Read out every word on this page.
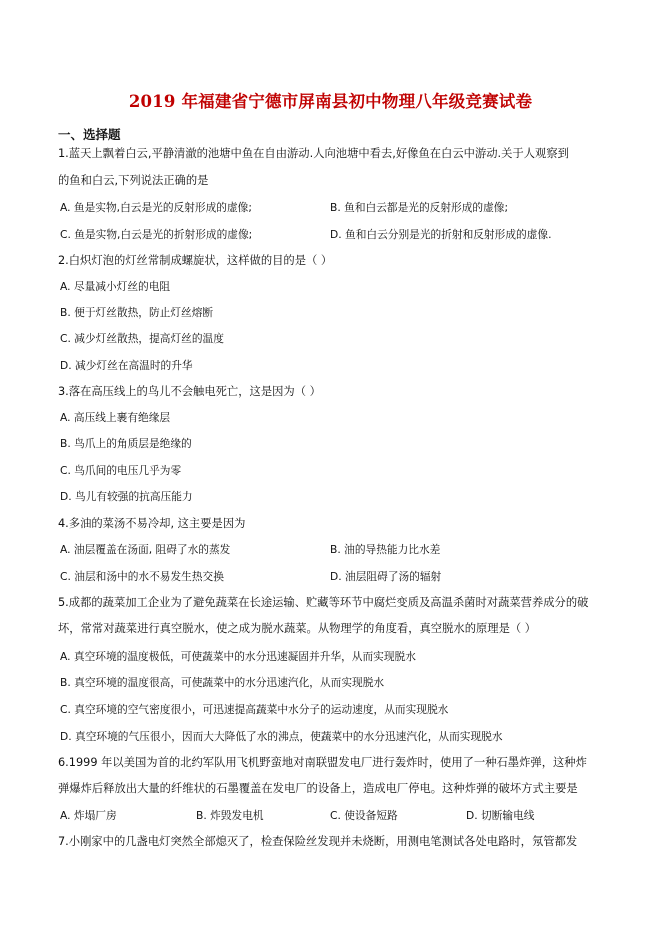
2019 年福建省宁德市屏南县初中物理八年级竞赛试卷
一、选择题
1.蓝天上飘着白云,平静清澈的池塘中鱼在自由游动.人向池塘中看去,好像鱼在白云中游动.关于人观察到
的鱼和白云,下列说法正确的是
A. 鱼是实物,白云是光的反射形成的虚像;	B. 鱼和白云都是光的反射形成的虚像;
C. 鱼是实物,白云是光的折射形成的虚像;	D. 鱼和白云分别是光的折射和反射形成的虚像.
2.白炽灯泡的灯丝常制成螺旋状，这样做的目的是（ ）
A. 尽量减小灯丝的电阻
B. 便于灯丝散热，防止灯丝熔断
C. 减少灯丝散热，提高灯丝的温度
D. 减少灯丝在高温时的升华
3.落在高压线上的鸟儿不会触电死亡，这是因为（ ）
A. 高压线上裹有绝缘层
B. 鸟爪上的角质层是绝缘的
C. 鸟爪间的电压几乎为零
D. 鸟儿有较强的抗高压能力
4.多油的菜汤不易冷却, 这主要是因为
A. 油层覆盖在汤面, 阻碍了水的蒸发	B. 油的导热能力比水差
C. 油层和汤中的水不易发生热交换	D. 油层阻碍了汤的辐射
5.成都的蔬菜加工企业为了避免蔬菜在长途运输、贮藏等环节中腐烂变质及高温杀菌时对蔬菜营养成分的破
坏，常常对蔬菜进行真空脱水，使之成为脱水蔬菜。从物理学的角度看，真空脱水的原理是（ ）
A. 真空环境的温度极低，可使蔬菜中的水分迅速凝固并升华，从而实现脱水
B. 真空环境的温度很高，可使蔬菜中的水分迅速汽化，从而实现脱水
C. 真空环境的空气密度很小，可迅速提高蔬菜中水分子的运动速度，从而实现脱水
D. 真空环境的气压很小，因而大大降低了水的沸点，使蔬菜中的水分迅速汽化，从而实现脱水
6.1999 年以美国为首的北约军队用飞机野蛮地对南联盟发电厂进行轰炸时，使用了一种石墨炸弹，这种炸
弹爆炸后释放出大量的纤维状的石墨覆盖在发电厂的设备上，造成电厂停电。这种炸弹的破坏方式主要是
A. 炸塌厂房	B. 炸毁发电机	C. 使设备短路	D. 切断输电线
7.小刚家中的几盏电灯突然全部熄灭了，检查保险丝发现并未烧断，用测电笔测试各处电路时，氖管都发
